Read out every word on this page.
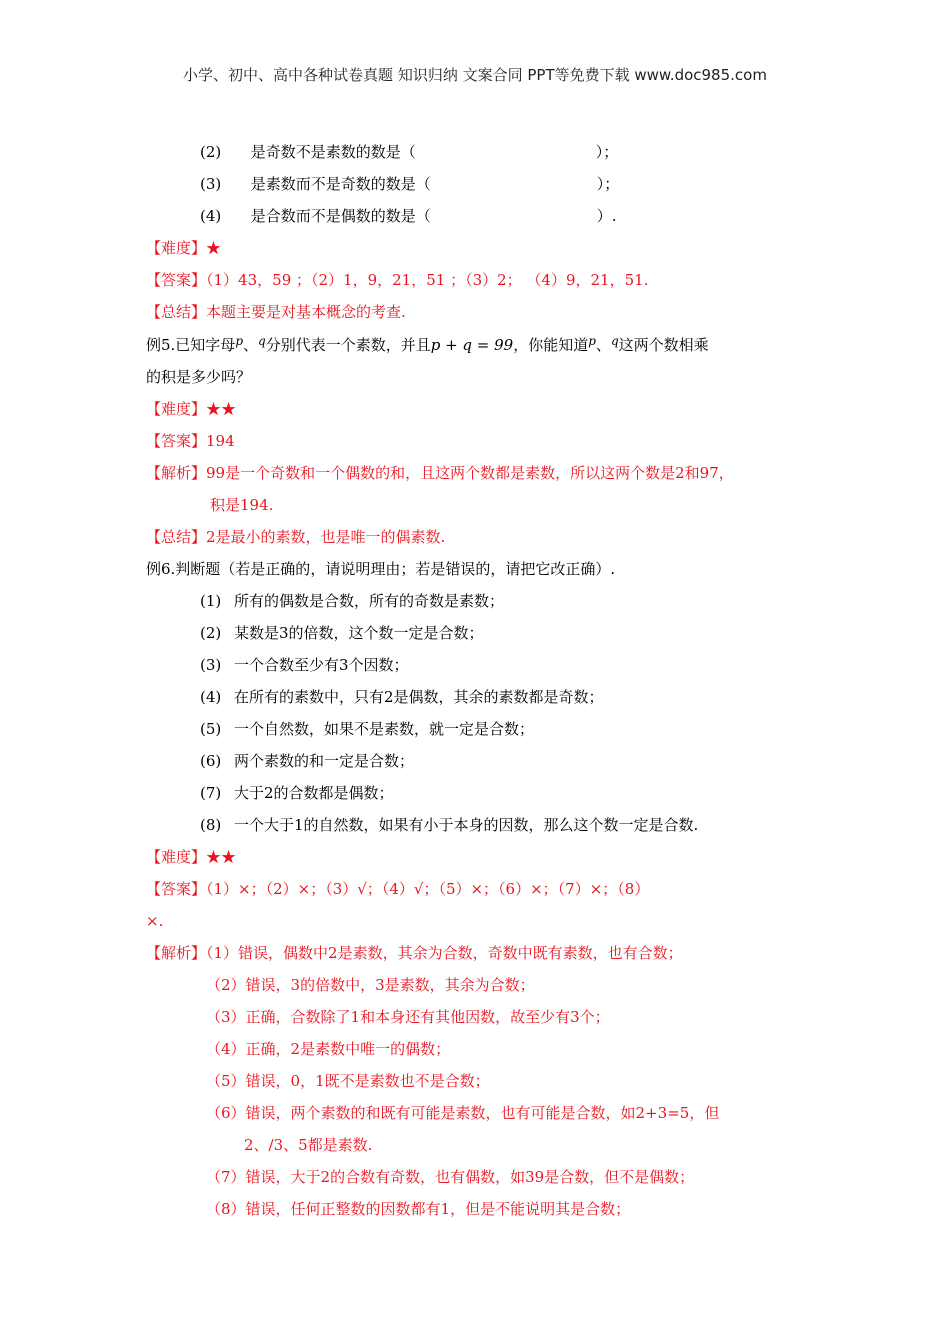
小学、初中、高中各种试卷真题 知识归纳 文案合同 PPT等免费下载 www.doc985.com
(2) 是奇数不是素数的数是（	）；
(3) 是素数而不是奇数的数是（	）；
(4) 是合数而不是偶数的数是（	）.
【难度】★
【答案】（1）43，59 ；（2）1，9，21，51 ；（3）2； （4）9，21，51.
【总结】本题主要是对基本概念的考查.
例5.已知字母$^p$、$^q$分别代表一个素数，并且p + q = 99，你能知道$^p$、$^q$这两个数相乘
的积是多少吗？
【难度】★★
【答案】194
【解析】99是一个奇数和一个偶数的和，且这两个数都是素数，所以这两个数是2和97，
积是194.
【总结】2是最小的素数，也是唯一的偶素数.
例6.判断题（若是正确的，请说明理由；若是错误的，请把它改正确）.
(1) 所有的偶数是合数，所有的奇数是素数；
(2) 某数是3的倍数，这个数一定是合数；
(3) 一个合数至少有3个因数；
(4) 在所有的素数中，只有2是偶数，其余的素数都是奇数；
(5) 一个自然数，如果不是素数，就一定是合数；
(6) 两个素数的和一定是合数；
(7) 大于2的合数都是偶数；
(8) 一个大于1的自然数，如果有小于本身的因数，那么这个数一定是合数.
【难度】★★
【答案】（1）×；（2）×；（3）√；（4）√；（5）×；（6）×；（7）×；（8）
×.
【解析】（1）错误，偶数中2是素数，其余为合数，奇数中既有素数，也有合数；
（2）错误，3的倍数中，3是素数，其余为合数；
（3）正确，合数除了1和本身还有其他因数，故至少有3个；
（4）正确，2是素数中唯一的偶数；
（5）错误，0，1既不是素数也不是合数；
（6）错误，两个素数的和既有可能是素数，也有可能是合数，如2+3=5，但
2、/3、5都是素数.
（7）错误，大于2的合数有奇数，也有偶数，如39是合数，但不是偶数；
（8）错误，任何正整数的因数都有1，但是不能说明其是合数；
